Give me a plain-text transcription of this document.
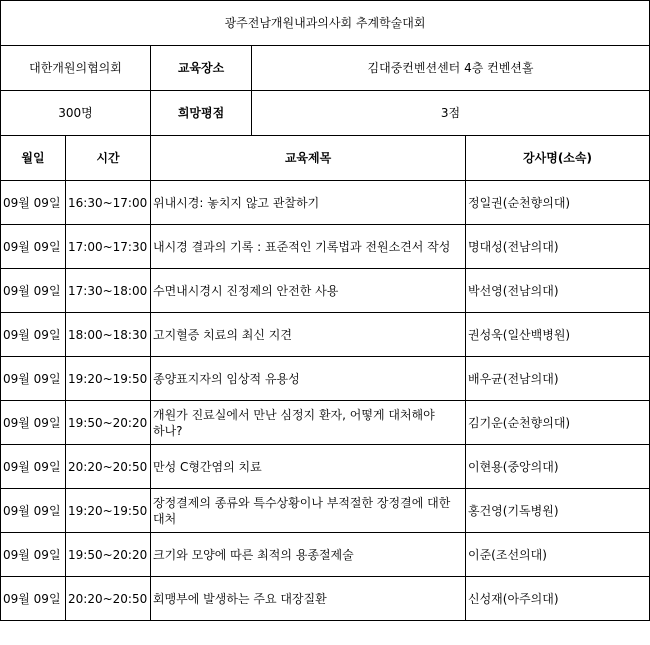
광주전남개원내과의사회 추계학술대회				
대한개원의협의회		교육장소	김대중컨벤션센터 4층 컨벤션홀	
300명		희망평점	3점	
월일	시간	교육제목		강사명(소속)
09월 09일	16:30~17:00	위내시경: 놓치지 않고 관찰하기		정일권(순천향의대)
09월 09일	17:00~17:30	내시경 결과의 기록 : 표준적인 기록법과 전원소견서 작성		명대성(전남의대)
09월 09일	17:30~18:00	수면내시경시 진정제의 안전한 사용		박선영(전남의대)
09월 09일	18:00~18:30	고지혈증 치료의 최신 지견		권성욱(일산백병원)
09월 09일	19:20~19:50	종양표지자의 임상적 유용성		배우균(전남의대)
09월 09일	19:50~20:20	개원가 진료실에서 만난 심정지 환자, 어떻게 대처해야 하나?		김기운(순천향의대)
09월 09일	20:20~20:50	만성 C형간염의 치료		이현용(중앙의대)
09월 09일	19:20~19:50	장정결제의 종류와 특수상황이나 부적절한 장정결에 대한 대처		홍건영(기독병원)
09월 09일	19:50~20:20	크기와 모양에 따른 최적의 용종절제술		이준(조선의대)
09월 09일	20:20~20:50	회맹부에 발생하는 주요 대장질환		신성재(아주의대)
